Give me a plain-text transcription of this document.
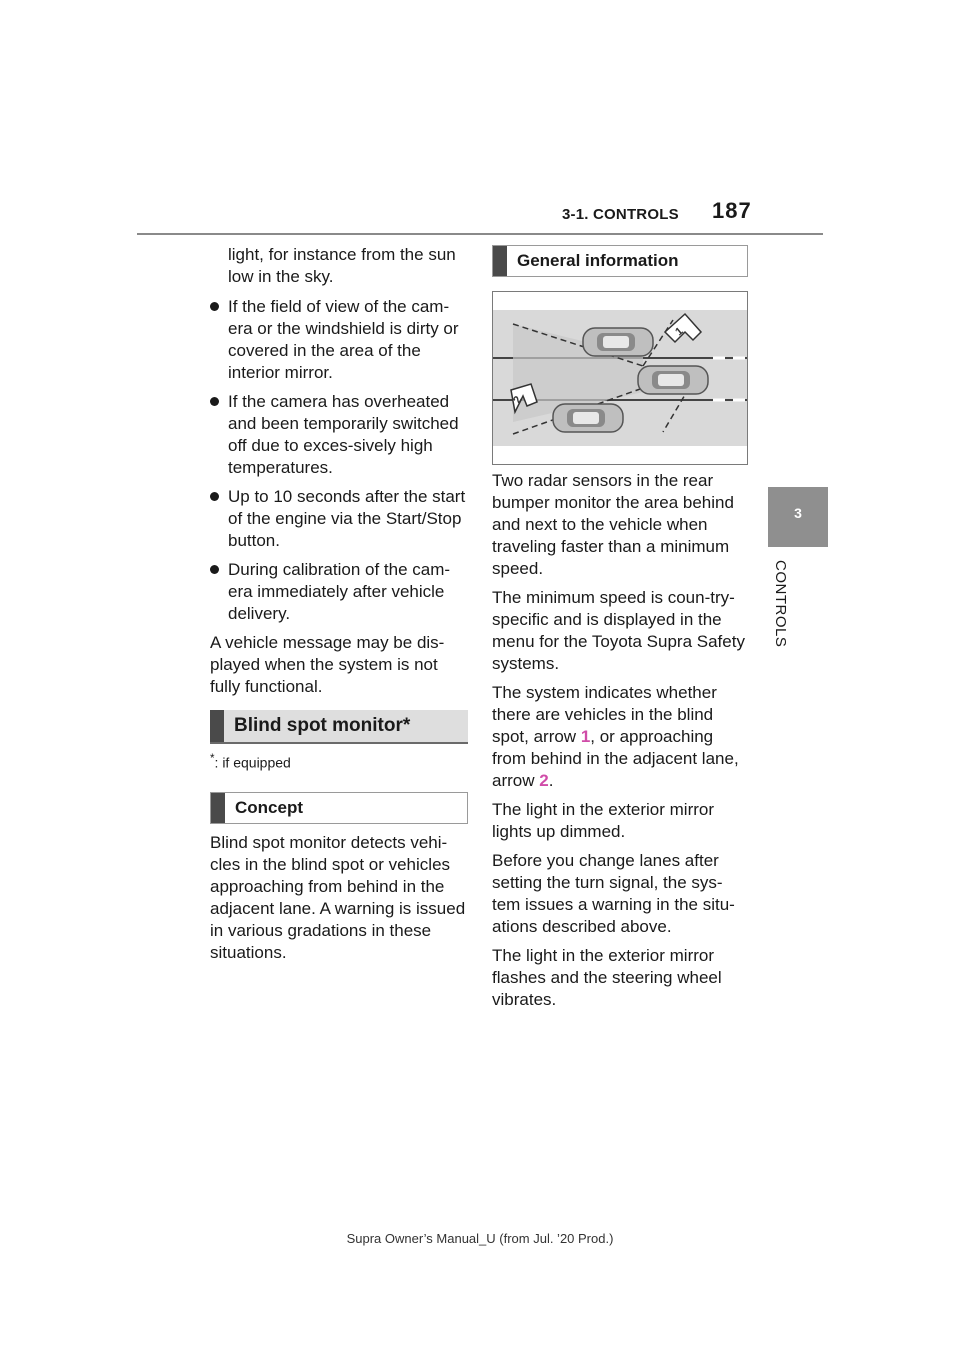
3-1. CONTROLS 187
3
CONTROLS
light, for instance from the sun low in the sky.
If the field of view of the cam-era or the windshield is dirty or covered in the area of the interior mirror.
If the camera has overheated and been temporarily switched off due to exces-sively high temperatures.
Up to 10 seconds after the start of the engine via the Start/Stop button.
During calibration of the cam-era immediately after vehicle delivery.

A vehicle message may be dis-played when the system is not fully functional.

Blind spot monitor*
*: if equipped
Concept
Blind spot monitor detects vehi-cles in the blind spot or vehicles approaching from behind in the adjacent lane. A warning is issued in various gradations in these situations.
General information
1
2

Two radar sensors in the rear bumper monitor the area behind and next to the vehicle when traveling faster than a minimum speed.

The minimum speed is coun-try-specific and is displayed in the menu for the Toyota Supra Safety systems.

The system indicates whether there are vehicles in the blind spot, arrow 1, or approaching from behind in the adjacent lane, arrow 2.

The light in the exterior mirror lights up dimmed.

Before you change lanes after setting the turn signal, the sys-tem issues a warning in the situ-ations described above.

The light in the exterior mirror flashes and the steering wheel vibrates.

Supra Owner’s Manual_U (from Jul. ’20 Prod.)
